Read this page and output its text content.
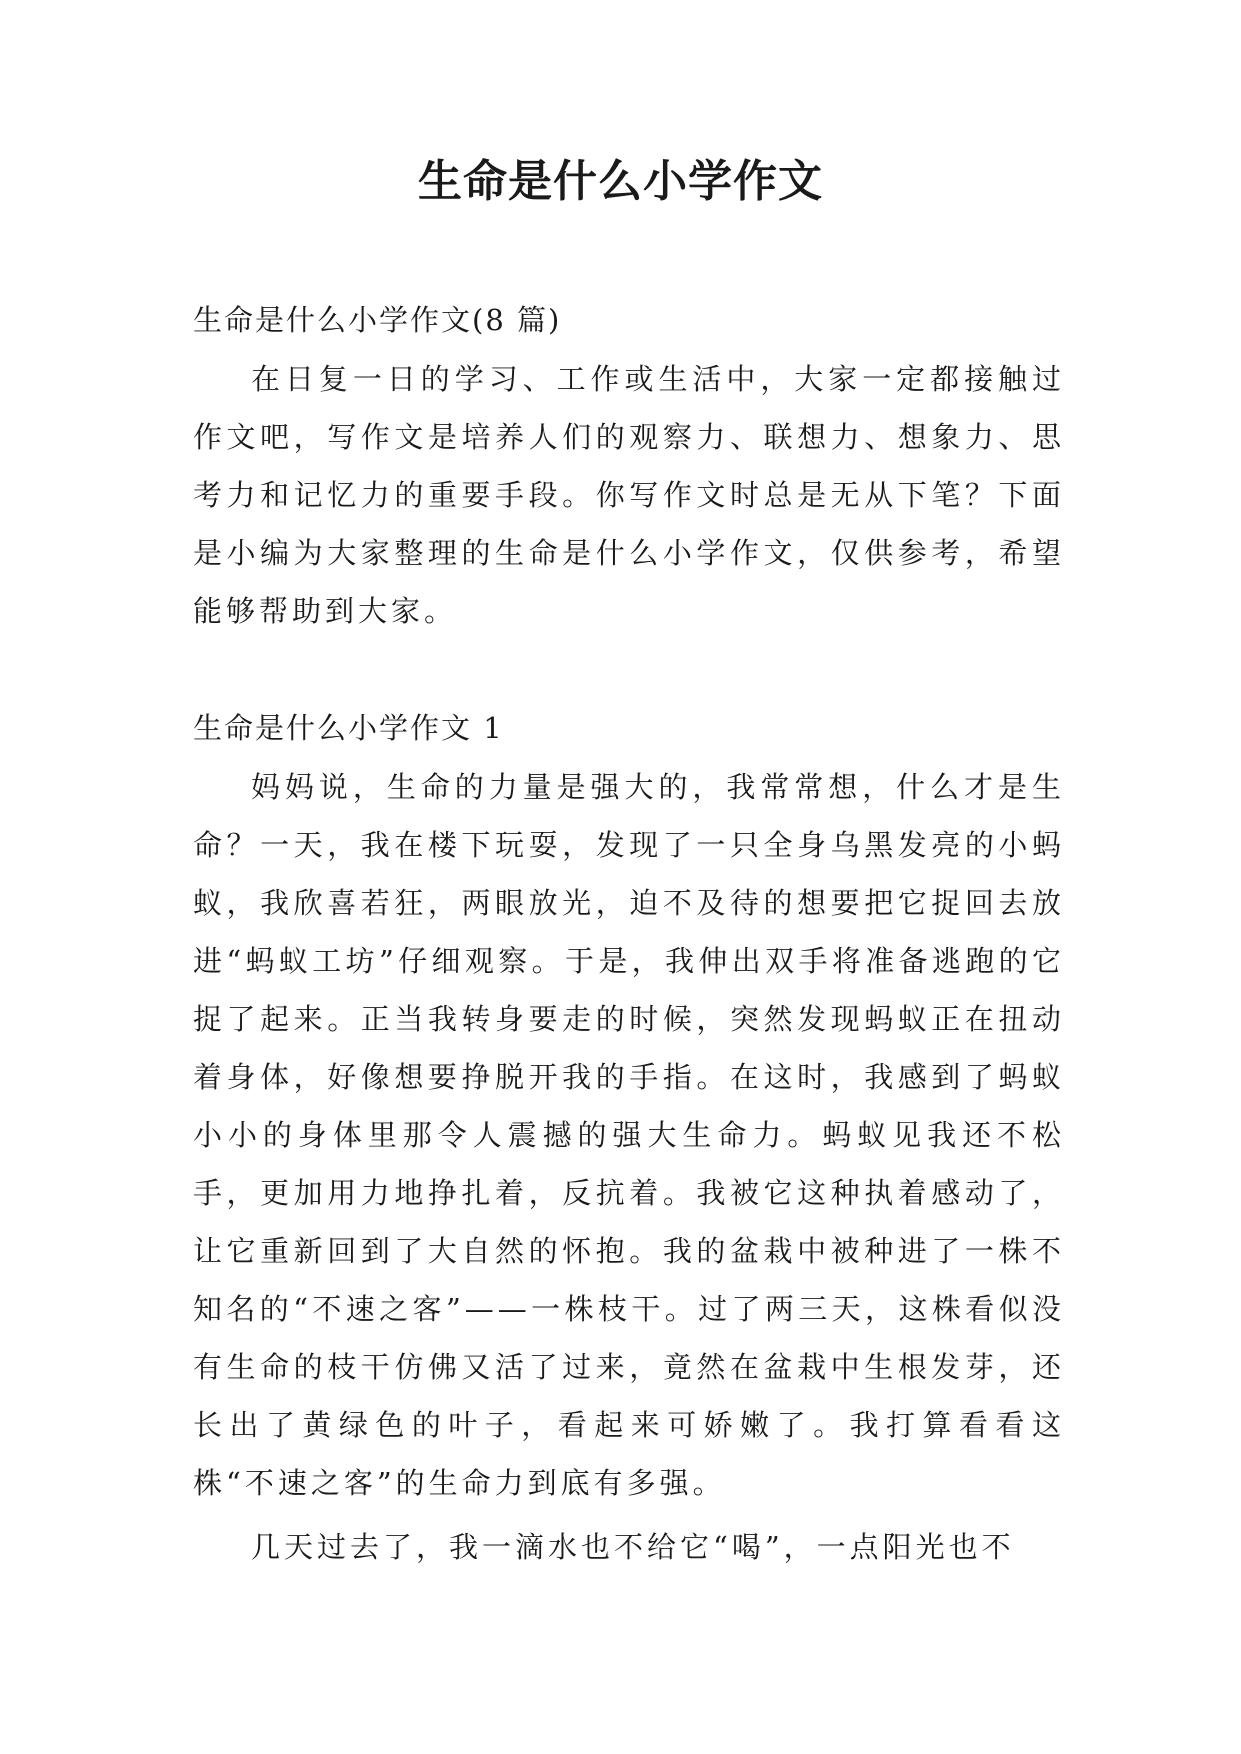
生命是什么小学作文

生命是什么小学作文(8 篇)

在日复一日的学习、工作或生活中，大家一定都接触过作文吧，写作文是培养人们的观察力、联想力、想象力、思考力和记忆力的重要手段。你写作文时总是无从下笔？下面是小编为大家整理的生命是什么小学作文，仅供参考，希望能够帮助到大家。

生命是什么小学作文 1

妈妈说，生命的力量是强大的，我常常想，什么才是生命？一天，我在楼下玩耍，发现了一只全身乌黑发亮的小蚂蚁，我欣喜若狂，两眼放光，迫不及待的想要把它捉回去放进“蚂蚁工坊”仔细观察。于是，我伸出双手将准备逃跑的它捉了起来。正当我转身要走的时候，突然发现蚂蚁正在扭动着身体，好像想要挣脱开我的手指。在这时，我感到了蚂蚁小小的身体里那令人震撼的强大生命力。蚂蚁见我还不松手，更加用力地挣扎着，反抗着。我被它这种执着感动了，让它重新回到了大自然的怀抱。我的盆栽中被种进了一株不知名的“不速之客”——一株枝干。过了两三天，这株看似没有生命的枝干仿佛又活了过来，竟然在盆栽中生根发芽，还长出了黄绿色的叶子，看起来可娇嫩了。我打算看看这株“不速之客”的生命力到底有多强。

几天过去了，我一滴水也不给它“喝”，一点阳光也不
